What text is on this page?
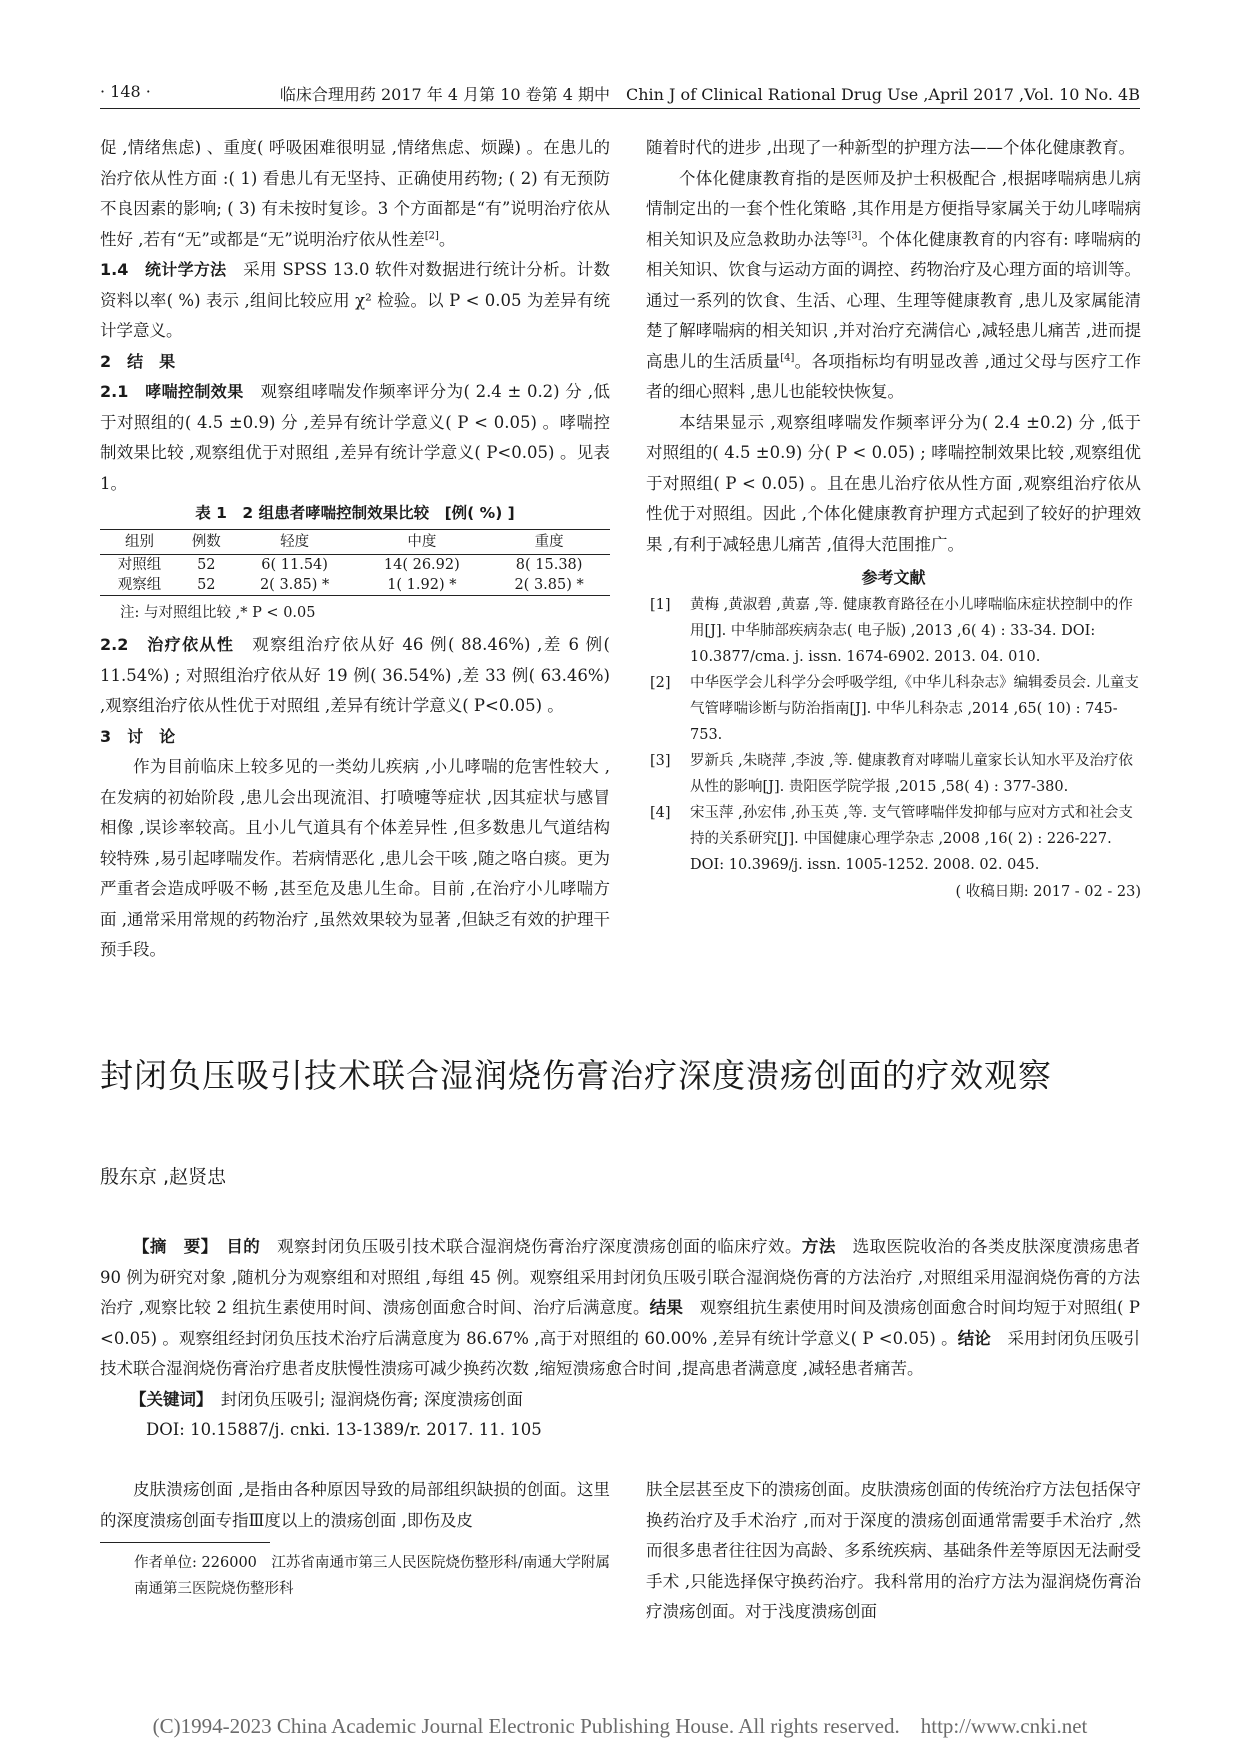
· 148 ·	临床合理用药 2017 年 4 月第 10 卷第 4 期中　Chin J of Clinical Rational Drug Use ,April 2017 ,Vol. 10 No. 4B

促 ,情绪焦虑) 、重度( 呼吸困难很明显 ,情绪焦虑、烦躁) 。在患儿的治疗依从性方面 :( 1) 看患儿有无坚持、正确使用药物; ( 2) 有无预防不良因素的影响; ( 3) 有未按时复诊。3 个方面都是“有”说明治疗依从性好 ,若有“无”或都是“无”说明治疗依从性差[2]。

1.4　统计学方法　采用 SPSS 13.0 软件对数据进行统计分析。计数资料以率( %) 表示 ,组间比较应用 χ² 检验。以 P < 0.05 为差异有统计学意义。

2　结　果

2.1　哮喘控制效果　观察组哮喘发作频率评分为( 2.4 ± 0.2) 分 ,低于对照组的( 4.5 ±0.9) 分 ,差异有统计学意义( P < 0.05) 。哮喘控制效果比较 ,观察组优于对照组 ,差异有统计学意义( P<0.05) 。见表 1。

表 1　2 组患者哮喘控制效果比较　[例( %) ]
组别	例数	轻度	中度	重度
对照组	52	6( 11.54)	14( 26.92)	8( 15.38)
观察组	52	2( 3.85) *	1( 1.92) *	2( 3.85) *
注: 与对照组比较 ,* P < 0.05

2.2　治疗依从性　观察组治疗依从好 46 例( 88.46%) ,差 6 例( 11.54%) ; 对照组治疗依从好 19 例( 36.54%) ,差 33 例( 63.46%) ,观察组治疗依从性优于对照组 ,差异有统计学意义( P<0.05) 。

3　讨　论

作为目前临床上较多见的一类幼儿疾病 ,小儿哮喘的危害性较大 ,在发病的初始阶段 ,患儿会出现流泪、打喷嚏等症状 ,因其症状与感冒相像 ,误诊率较高。且小儿气道具有个体差异性 ,但多数患儿气道结构较特殊 ,易引起哮喘发作。若病情恶化 ,患儿会干咳 ,随之咯白痰。更为严重者会造成呼吸不畅 ,甚至危及患儿生命。目前 ,在治疗小儿哮喘方面 ,通常采用常规的药物治疗 ,虽然效果较为显著 ,但缺乏有效的护理干预手段。

随着时代的进步 ,出现了一种新型的护理方法——个体化健康教育。

个体化健康教育指的是医师及护士积极配合 ,根据哮喘病患儿病情制定出的一套个性化策略 ,其作用是方便指导家属关于幼儿哮喘病相关知识及应急救助办法等[3]。个体化健康教育的内容有: 哮喘病的相关知识、饮食与运动方面的调控、药物治疗及心理方面的培训等。通过一系列的饮食、生活、心理、生理等健康教育 ,患儿及家属能清楚了解哮喘病的相关知识 ,并对治疗充满信心 ,减轻患儿痛苦 ,进而提高患儿的生活质量[4]。各项指标均有明显改善 ,通过父母与医疗工作者的细心照料 ,患儿也能较快恢复。

本结果显示 ,观察组哮喘发作频率评分为( 2.4 ±0.2) 分 ,低于对照组的( 4.5 ±0.9) 分( P < 0.05) ; 哮喘控制效果比较 ,观察组优于对照组( P < 0.05) 。且在患儿治疗依从性方面 ,观察组治疗依从性优于对照组。因此 ,个体化健康教育护理方式起到了较好的护理效果 ,有利于减轻患儿痛苦 ,值得大范围推广。

参考文献
[1] 黄梅 ,黄淑碧 ,黄嘉 ,等. 健康教育路径在小儿哮喘临床症状控制中的作用[J]. 中华肺部疾病杂志( 电子版) ,2013 ,6( 4) : 33-34. DOI: 10.3877/cma. j. issn. 1674-6902. 2013. 04. 010.
[2] 中华医学会儿科学分会呼吸学组,《中华儿科杂志》编辑委员会. 儿童支气管哮喘诊断与防治指南[J]. 中华儿科杂志 ,2014 ,65( 10) : 745-753.
[3] 罗新兵 ,朱晓萍 ,李波 ,等. 健康教育对哮喘儿童家长认知水平及治疗依从性的影响[J]. 贵阳医学院学报 ,2015 ,58( 4) : 377-380.
[4] 宋玉萍 ,孙宏伟 ,孙玉英 ,等. 支气管哮喘伴发抑郁与应对方式和社会支持的关系研究[J]. 中国健康心理学杂志 ,2008 ,16( 2) : 226-227. DOI: 10.3969/j. issn. 1005-1252. 2008. 02. 045.
( 收稿日期: 2017 - 02 - 23)
封闭负压吸引技术联合湿润烧伤膏治疗深度溃疡创面的疗效观察
殷东京 ,赵贤忠

【摘　要】　 目的　观察封闭负压吸引技术联合湿润烧伤膏治疗深度溃疡创面的临床疗效。方法　选取医院收治的各类皮肤深度溃疡患者 90 例为研究对象 ,随机分为观察组和对照组 ,每组 45 例。观察组采用封闭负压吸引联合湿润烧伤膏的方法治疗 ,对照组采用湿润烧伤膏的方法治疗 ,观察比较 2 组抗生素使用时间、溃疡创面愈合时间、治疗后满意度。结果　观察组抗生素使用时间及溃疡创面愈合时间均短于对照组( P <0.05) 。观察组经封闭负压技术治疗后满意度为 86.67% ,高于对照组的 60.00% ,差异有统计学意义( P <0.05) 。结论　采用封闭负压吸引技术联合湿润烧伤膏治疗患者皮肤慢性溃疡可减少换药次数 ,缩短溃疡愈合时间 ,提高患者满意度 ,减轻患者痛苦。

【关键词】　封闭负压吸引; 湿润烧伤膏; 深度溃疡创面

DOI: 10.15887/j. cnki. 13-1389/r. 2017. 11. 105

皮肤溃疡创面 ,是指由各种原因导致的局部组织缺损的创面。这里的深度溃疡创面专指Ⅲ度以上的溃疡创面 ,即伤及皮

肤全层甚至皮下的溃疡创面。皮肤溃疡创面的传统治疗方法包括保守换药治疗及手术治疗 ,而对于深度的溃疡创面通常需要手术治疗 ,然而很多患者往往因为高龄、多系统疾病、基础条件差等原因无法耐受手术 ,只能选择保守换药治疗。我科常用的治疗方法为湿润烧伤膏治疗溃疡创面。对于浅度溃疡创面

作者单位: 226000　江苏省南通市第三人民医院烧伤整形科/南通大学附属南通第三医院烧伤整形科
(C)1994-2023 China Academic Journal Electronic Publishing House. All rights reserved.　http://www.cnki.net
